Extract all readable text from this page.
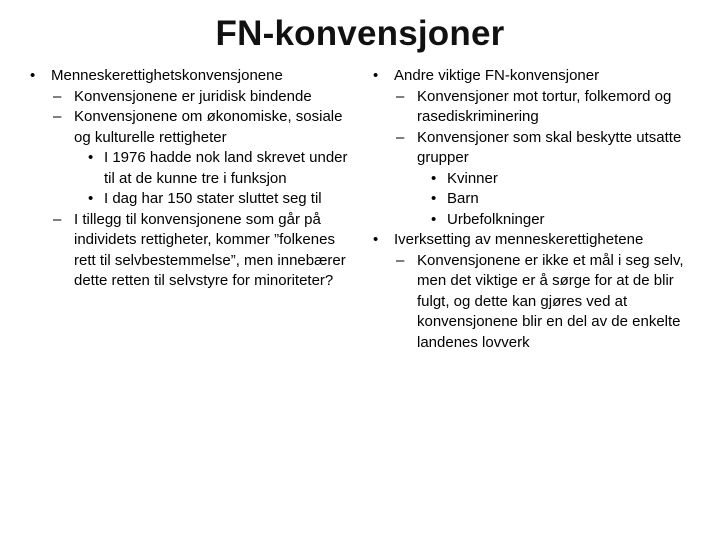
FN-konvensjoner
•	Menneskerettighetskonvensjonene
– Konvensjonene er juridisk bindende
– Konvensjonene om økonomiske, sosiale og kulturelle rettigheter
• I 1976 hadde nok land skrevet under til at de kunne tre i funksjon
• I dag har 150 stater sluttet seg til
– I tillegg til konvensjonene som går på individets rettigheter, kommer ”folkenes rett til selvbestemmelse”, men innebærer dette retten til selvstyre for minoriteter?
•	Andre viktige FN-konvensjoner
– Konvensjoner mot tortur, folkemord og rasediskriminering
– Konvensjoner som skal beskytte utsatte grupper
• Kvinner
• Barn
• Urbefolkninger
•	Iverksetting av menneskerettighetene
– Konvensjonene er ikke et mål i seg selv, men det viktige er å sørge for at de blir fulgt, og dette kan gjøres ved at konvensjonene blir en del av de enkelte landenes lovverk
